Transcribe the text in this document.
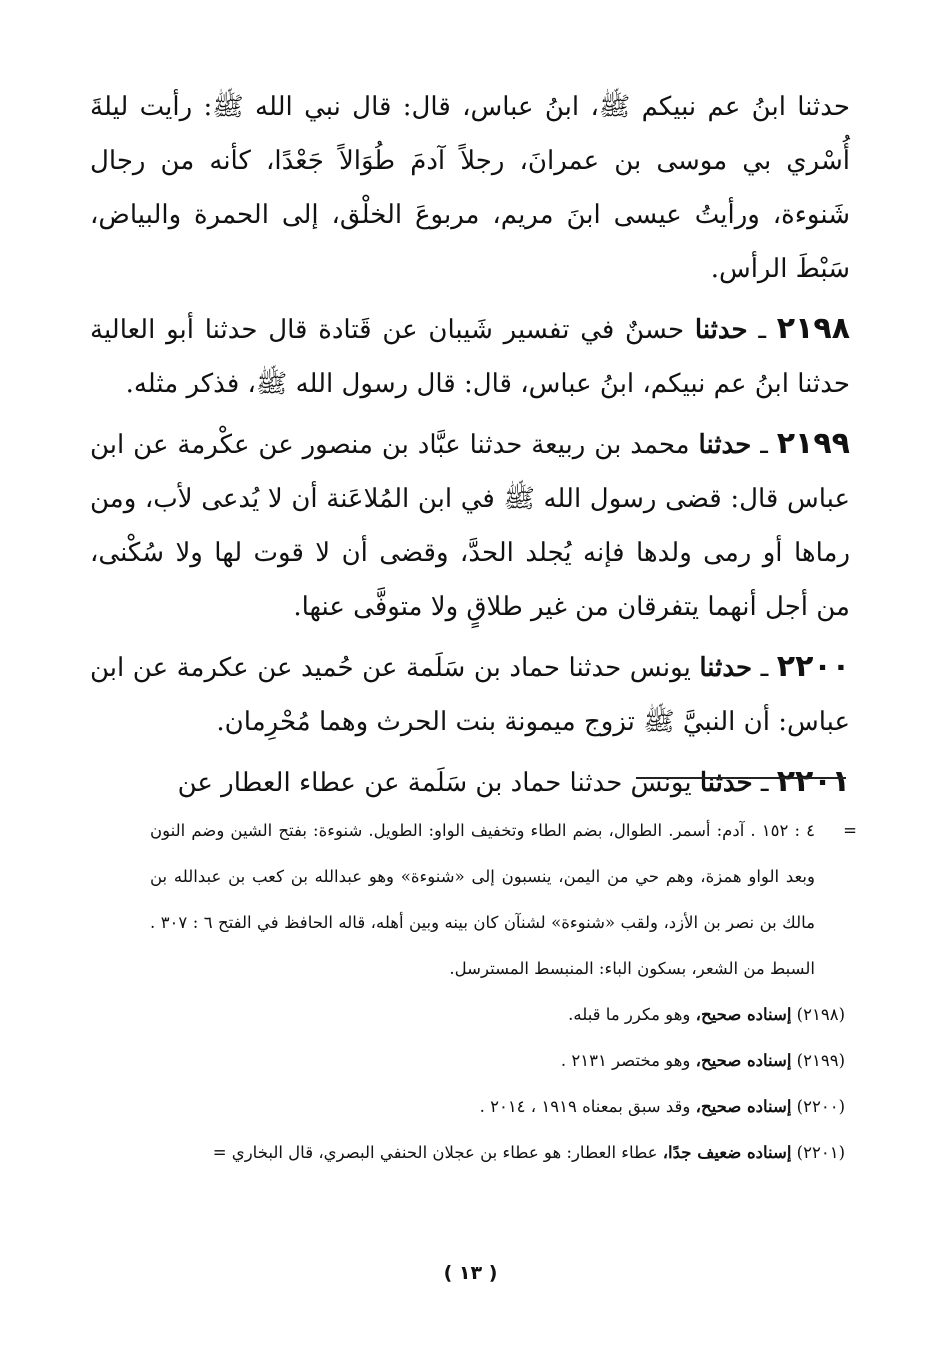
حدثنا ابنُ عم نبيكم ﷺ، ابنُ عباس، قال: قال نبي الله ﷺ: رأيت ليلةَ أُسْري بي موسى بن عمرانَ، رجلاً آدمَ طُوَالاً جَعْدًا، كأنه من رجال شَنوءة، ورأيتُ عيسى ابنَ مريم، مربوعَ الخلْق، إلى الحمرة والبياض، سَبْطَ الرأس.

٢١٩٨ ـ حدثنا حسنٌ في تفسير شَيبان عن قَتادة قال حدثنا أبو العالية حدثنا ابنُ عم نبيكم، ابنُ عباس، قال: قال رسول الله ﷺ، فذكر مثله.

٢١٩٩ ـ حدثنا محمد بن ربيعة حدثنا عبَّاد بن منصور عن عكْرمة عن ابن عباس قال: قضى رسول الله ﷺ في ابن المُلاعَنة أن لا يُدعى لأب، ومن رماها أو رمى ولدها فإنه يُجلد الحدَّ، وقضى أن لا قوت لها ولا سُكْنى، من أجل أنهما يتفرقان من غير طلاقٍ ولا متوفَّى عنها.

٢٢٠٠ ـ حدثنا يونس حدثنا حماد بن سَلَمة عن حُميد عن عكرمة عن ابن عباس: أن النبيَّ ﷺ تزوج ميمونة بنت الحرث وهما مُحْرِمان.

٢٢٠١ ـ حدثنا يونس حدثنا حماد بن سَلَمة عن عطاء العطار عن

=

٤ : ١٥٢ . آدم: أسمر. الطوال، بضم الطاء وتخفيف الواو: الطويل. شنوءة: بفتح الشين وضم النون وبعد الواو همزة، وهم حي من اليمن، ينسبون إلى «شنوءة» وهو عبدالله بن كعب بن عبدالله بن مالك بن نصر بن الأزد، ولقب «شنوءة» لشنآن كان بينه وبين أهله، قاله الحافظ في الفتح ٦ : ٣٠٧ . السبط من الشعر، بسكون الباء: المنبسط المسترسل.

(٢١٩٨) إسناده صحيح، وهو مكرر ما قبله.

(٢١٩٩) إسناده صحيح، وهو مختصر ٢١٣١ .

(٢٢٠٠) إسناده صحيح، وقد سبق بمعناه ١٩١٩ ، ٢٠١٤ .

(٢٢٠١) إسناده ضعيف جدًا، عطاء العطار: هو عطاء بن عجلان الحنفي البصري، قال البخاري =

( ١٣ )
